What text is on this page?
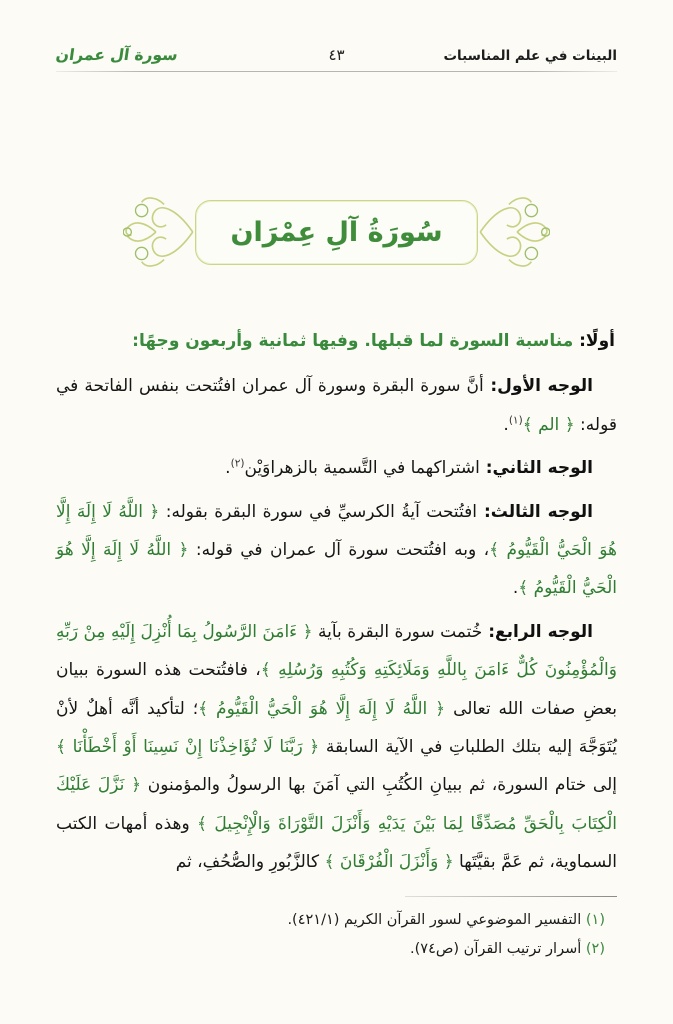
البينات في علم المناسبات
٤٣
سورة آل عمران
سُورَةُ آلِ عِمْرَان

أولًا: مناسبة السورة لما قبلها. وفيها ثمانية وأربعون وجهًا:

الوجه الأول: أنَّ سورة البقرة وسورة آل عمران افتُتحت بنفس الفاتحة في قوله: ﴿ الم ﴾$^{(١)}$.

الوجه الثاني: اشتراكهما في التَّسمية بالزهراوَيْن$^{(٢)}$.

الوجه الثالث: افتُتحت آيةُ الكرسيِّ في سورة البقرة بقوله: ﴿ اللَّهُ لَا إِلَهَ إِلَّا هُوَ الْحَيُّ الْقَيُّومُ ﴾، وبه افتُتحت سورة آل عمران في قوله: ﴿ اللَّهُ لَا إِلَهَ إِلَّا هُوَ الْحَيُّ الْقَيُّومُ ﴾.

الوجه الرابع: خُتمت سورة البقرة بآية ﴿ ءَامَنَ الرَّسُولُ بِمَا أُنْزِلَ إِلَيْهِ مِنْ رَبِّهِ وَالْمُؤْمِنُونَ كُلٌّ ءَامَنَ بِاللَّهِ وَمَلَائِكَتِهِ وَكُتُبِهِ وَرُسُلِهِ ﴾، فافتُتحت هذه السورة ببيان بعضِ صفات الله تعالى ﴿ اللَّهُ لَا إِلَهَ إِلَّا هُوَ الْحَيُّ الْقَيُّومُ ﴾؛ لتأكيد أنَّه أهلٌ لأنْ يُتَوَجَّهَ إليه بتلك الطلباتِ في الآية السابقة ﴿ رَبَّنَا لَا تُؤَاخِذْنَا إِنْ نَسِينَا أَوْ أَخْطَأْنَا ﴾ إلى ختام السورة، ثم ببيانِ الكُتُبِ التي آمَنَ بها الرسولُ والمؤمنون ﴿ نَزَّلَ عَلَيْكَ الْكِتَابَ بِالْحَقِّ مُصَدِّقًا لِمَا بَيْنَ يَدَيْهِ وَأَنْزَلَ التَّوْرَاةَ وَالْإِنْجِيلَ ﴾ وهذه أمهات الكتب السماوية، ثم عَمَّ بقيَّتَها ﴿ وَأَنْزَلَ الْفُرْقَانَ ﴾ كالزَّبُورِ والصُّحُفِ، ثم

(١) التفسير الموضوعي لسور القرآن الكريم (٤٢١/١).
(٢) أسرار ترتيب القرآن (ص٧٤).
